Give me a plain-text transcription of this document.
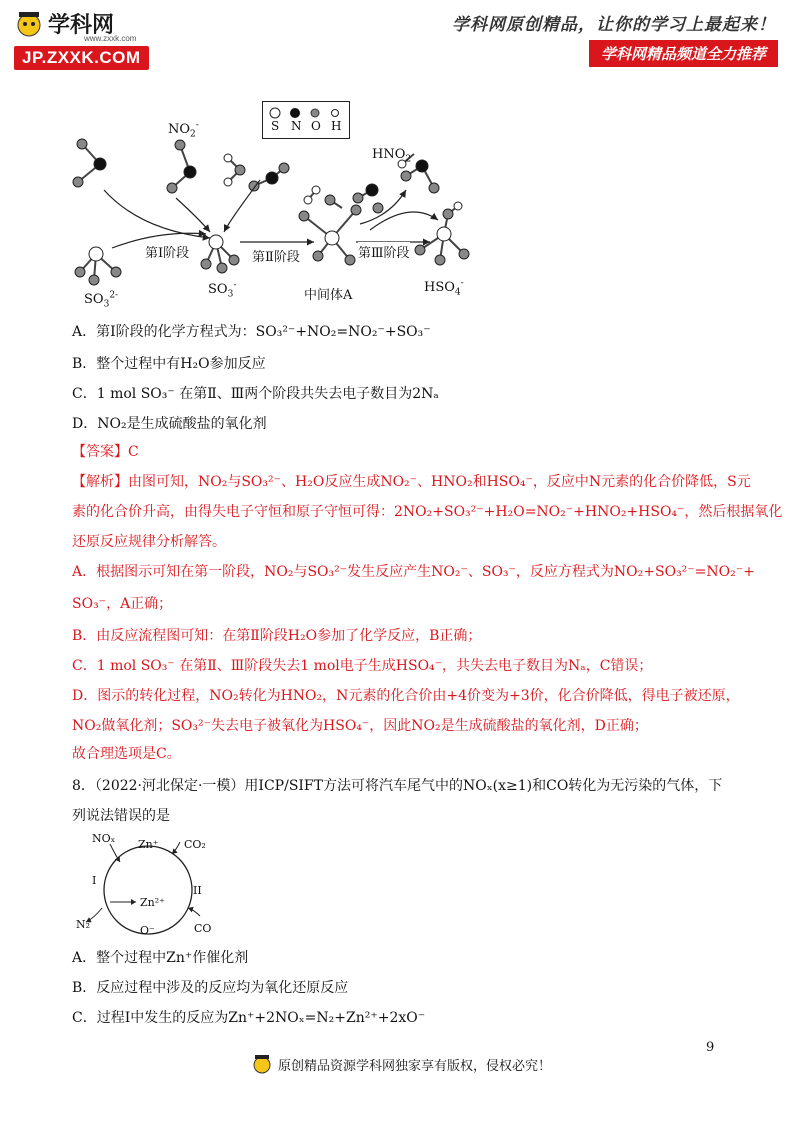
学科网
www.zxxk.com
JP.ZXXK.COM
学科网原创精品，让你的学习上最起来！
学科网精品频道全力推荐
S N O H
$NO_2^-$
$HNO_2$
第Ⅰ阶段	第Ⅱ阶段	第Ⅲ阶段
$SO_3^{2-}$	$SO_3^-$
中间体A
$HSO_4^-$
A．第Ⅰ阶段的化学方程式为：SO₃²⁻+NO₂=NO₂⁻+SO₃⁻
B．整个过程中有H₂O参加反应
C．1 mol SO₃⁻ 在第Ⅱ、Ⅲ两个阶段共失去电子数目为2Nₐ
D．NO₂是生成硫酸盐的氧化剂
【答案】C
【解析】由图可知，NO₂与SO₃²⁻、H₂O反应生成NO₂⁻、HNO₂和HSO₄⁻，反应中N元素的化合价降低，S元
素的化合价升高，由得失电子守恒和原子守恒可得：2NO₂+SO₃²⁻+H₂O=NO₂⁻+HNO₂+HSO₄⁻，然后根据氧化
还原反应规律分析解答。
A．根据图示可知在第一阶段，NO₂与SO₃²⁻发生反应产生NO₂⁻、SO₃⁻，反应方程式为NO₂+SO₃²⁻=NO₂⁻+
SO₃⁻，A正确；
B．由反应流程图可知：在第Ⅱ阶段H₂O参加了化学反应，B正确；
C．1 mol SO₃⁻ 在第Ⅱ、Ⅲ阶段失去1 mol电子生成HSO₄⁻，共失去电子数目为Nₐ，C错误；
D．图示的转化过程，NO₂转化为HNO₂，N元素的化合价由+4价变为+3价，化合价降低，得电子被还原，
NO₂做氧化剂；SO₃²⁻失去电子被氧化为HSO₄⁻，因此NO₂是生成硫酸盐的氧化剂，D正确；
故合理选项是C。
8．（2022·河北保定·一模）用ICP/SIFT方法可将汽车尾气中的NOₓ(x≥1)和CO转化为无污染的气体，下
列说法错误的是
NOₓ Zn⁺ CO₂
I
II
Zn²⁺
N₂	O⁻	CO
A．整个过程中Zn⁺作催化剂
B．反应过程中涉及的反应均为氧化还原反应
C．过程Ⅰ中发生的反应为Zn⁺+2NOₓ=N₂+Zn²⁺+2xO⁻
9
原创精品资源学科网独家享有版权，侵权必究！
